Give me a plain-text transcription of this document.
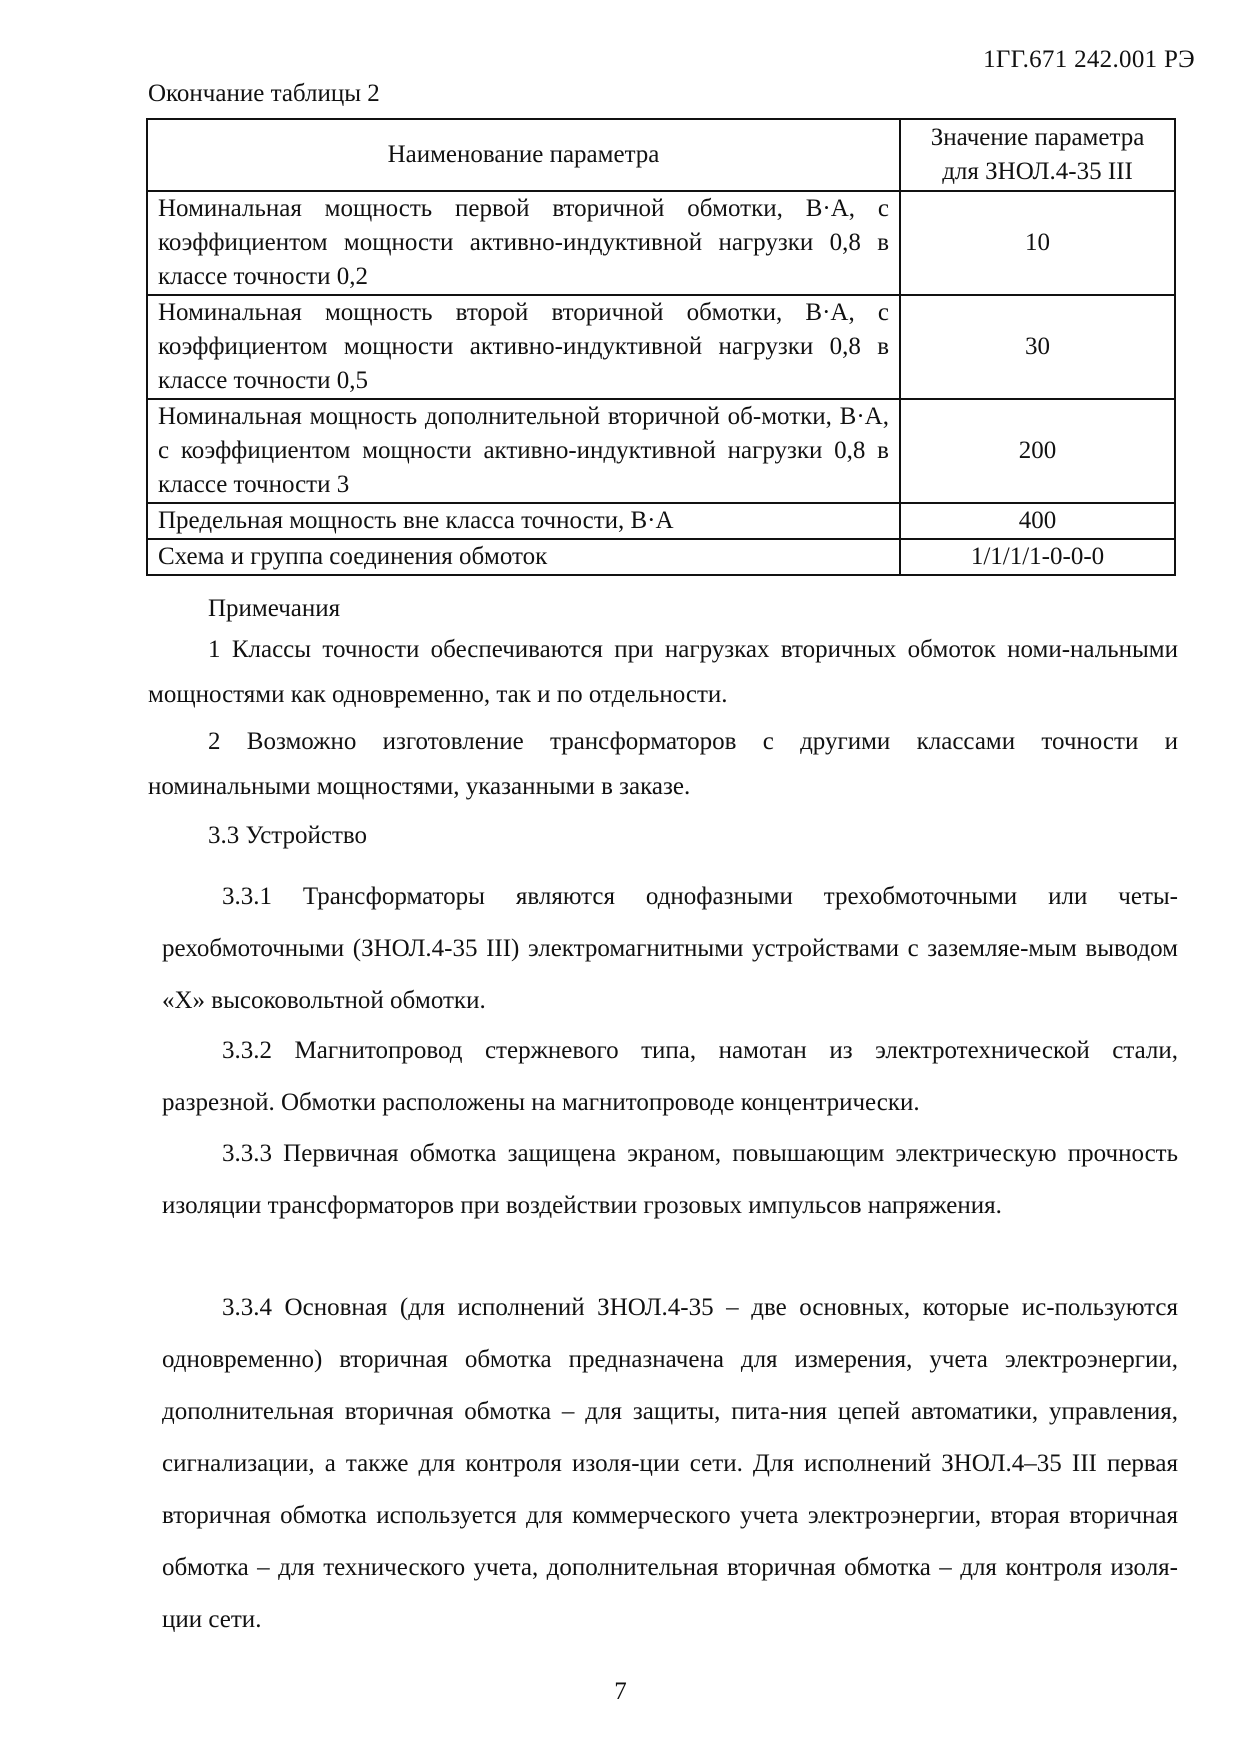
1ГГ.671 242.001 РЭ
Окончание таблицы 2
Наименование параметра	Значение параметра для ЗНОЛ.4-35 III
Номинальная мощность первой вторичной обмотки, В·А, с коэффициентом мощности активно-индуктивной нагрузки 0,8 в классе точности 0,2	10
Номинальная мощность второй вторичной обмотки, В·А, с коэффициентом мощности активно-индуктивной нагрузки 0,8 в классе точности 0,5	30
Номинальная мощность дополнительной вторичной об-мотки, В·А, с коэффициентом мощности активно-индуктивной нагрузки 0,8 в классе точности 3	200
Предельная мощность вне класса точности, В·А	400
Схема и группа соединения обмоток	1/1/1/1-0-0-0
Примечания
1 Классы точности обеспечиваются при нагрузках вторичных обмоток номи-нальными мощностями как одновременно, так и по отдельности.
2 Возможно изготовление трансформаторов с другими классами точности и номинальными мощностями, указанными в заказе.
3.3 Устройство
3.3.1 Трансформаторы являются однофазными трехобмоточными или четы-рехобмоточными (ЗНОЛ.4-35 III) электромагнитными устройствами с заземляе-мым выводом «Х» высоковольтной обмотки.
3.3.2 Магнитопровод стержневого типа, намотан из электротехнической стали, разрезной. Обмотки расположены на магнитопроводе концентрически.
3.3.3 Первичная обмотка защищена экраном, повышающим электрическую прочность изоляции трансформаторов при воздействии грозовых импульсов напряжения.
3.3.4 Основная (для исполнений ЗНОЛ.4-35 – две основных, которые ис-пользуются одновременно) вторичная обмотка предназначена для измерения, учета электроэнергии, дополнительная вторичная обмотка – для защиты, пита-ния цепей автоматики, управления, сигнализации, а также для контроля изоля-ции сети. Для исполнений ЗНОЛ.4–35 III первая вторичная обмотка используется для коммерческого учета электроэнергии, вторая вторичная обмотка – для технического учета, дополнительная вторичная обмотка – для контроля изоля-ции сети.
7
